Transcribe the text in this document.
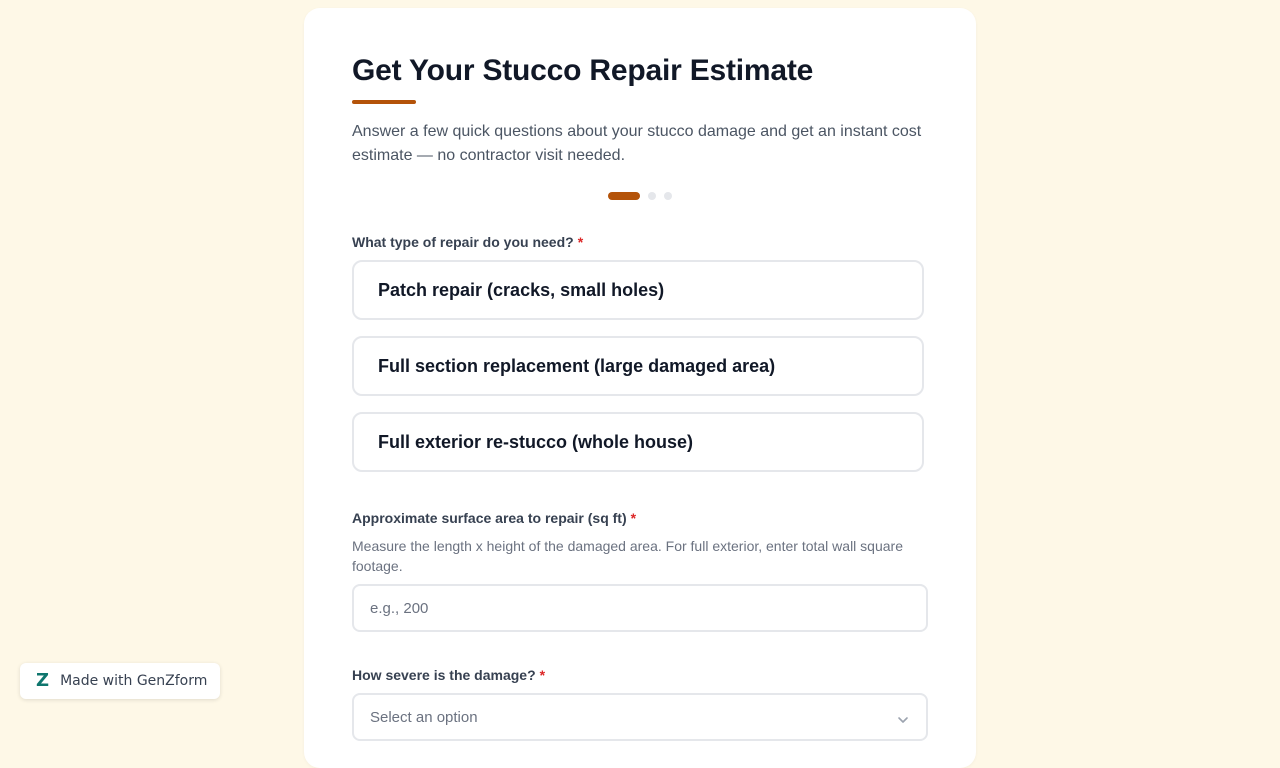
Get Your Stucco Repair Estimate

Answer a few quick questions about your stucco damage and get an instant cost estimate — no contractor visit needed.

What type of repair do you need? *
Patch repair (cracks, small holes)
Full section replacement (large damaged area)
Full exterior re-stucco (whole house)
Approximate surface area to repair (sq ft) *

Measure the length x height of the damaged area. For full exterior, enter total wall square footage.

e.g., 200
How severe is the damage? *
Select an option
Z Made with GenZform
